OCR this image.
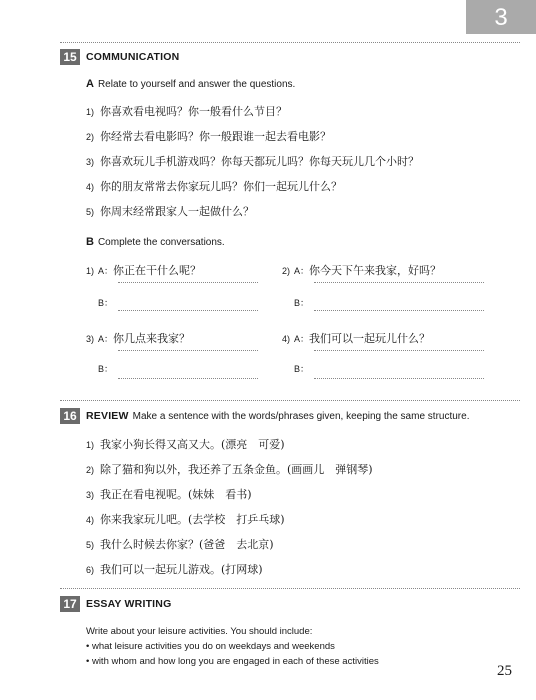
3
15 COMMUNICATION
A Relate to yourself and answer the questions.
1) 你喜欢看电视吗？你一般看什么节目？
2) 你经常去看电影吗？你一般跟谁一起去看电影？
3) 你喜欢玩儿手机游戏吗？你每天都玩儿吗？你每天玩儿几个小时？
4) 你的朋友常常去你家玩儿吗？你们一起玩儿什么？
5) 你周末经常跟家人一起做什么？
B Complete the conversations.
1) A：你正在干什么呢？
B：
2) A：你今天下午来我家，好吗？
B：
3) A：你几点来我家？
B：
4) A：我们可以一起玩儿什么？
B：
16 REVIEW Make a sentence with the words/phrases given, keeping the same structure.
1) 我家小狗长得又高又大。(漂亮　可爱)
2) 除了猫和狗以外，我还养了五条金鱼。(画画儿　弹钢琴)
3) 我正在看电视呢。(妹妹　看书)
4) 你来我家玩儿吧。(去学校　打乒乓球)
5) 我什么时候去你家？(爸爸　去北京)
6) 我们可以一起玩儿游戏。(打网球)
17 ESSAY WRITING
Write about your leisure activities. You should include:
• what leisure activities you do on weekdays and weekends
• with whom and how long you are engaged in each of these activities
25
